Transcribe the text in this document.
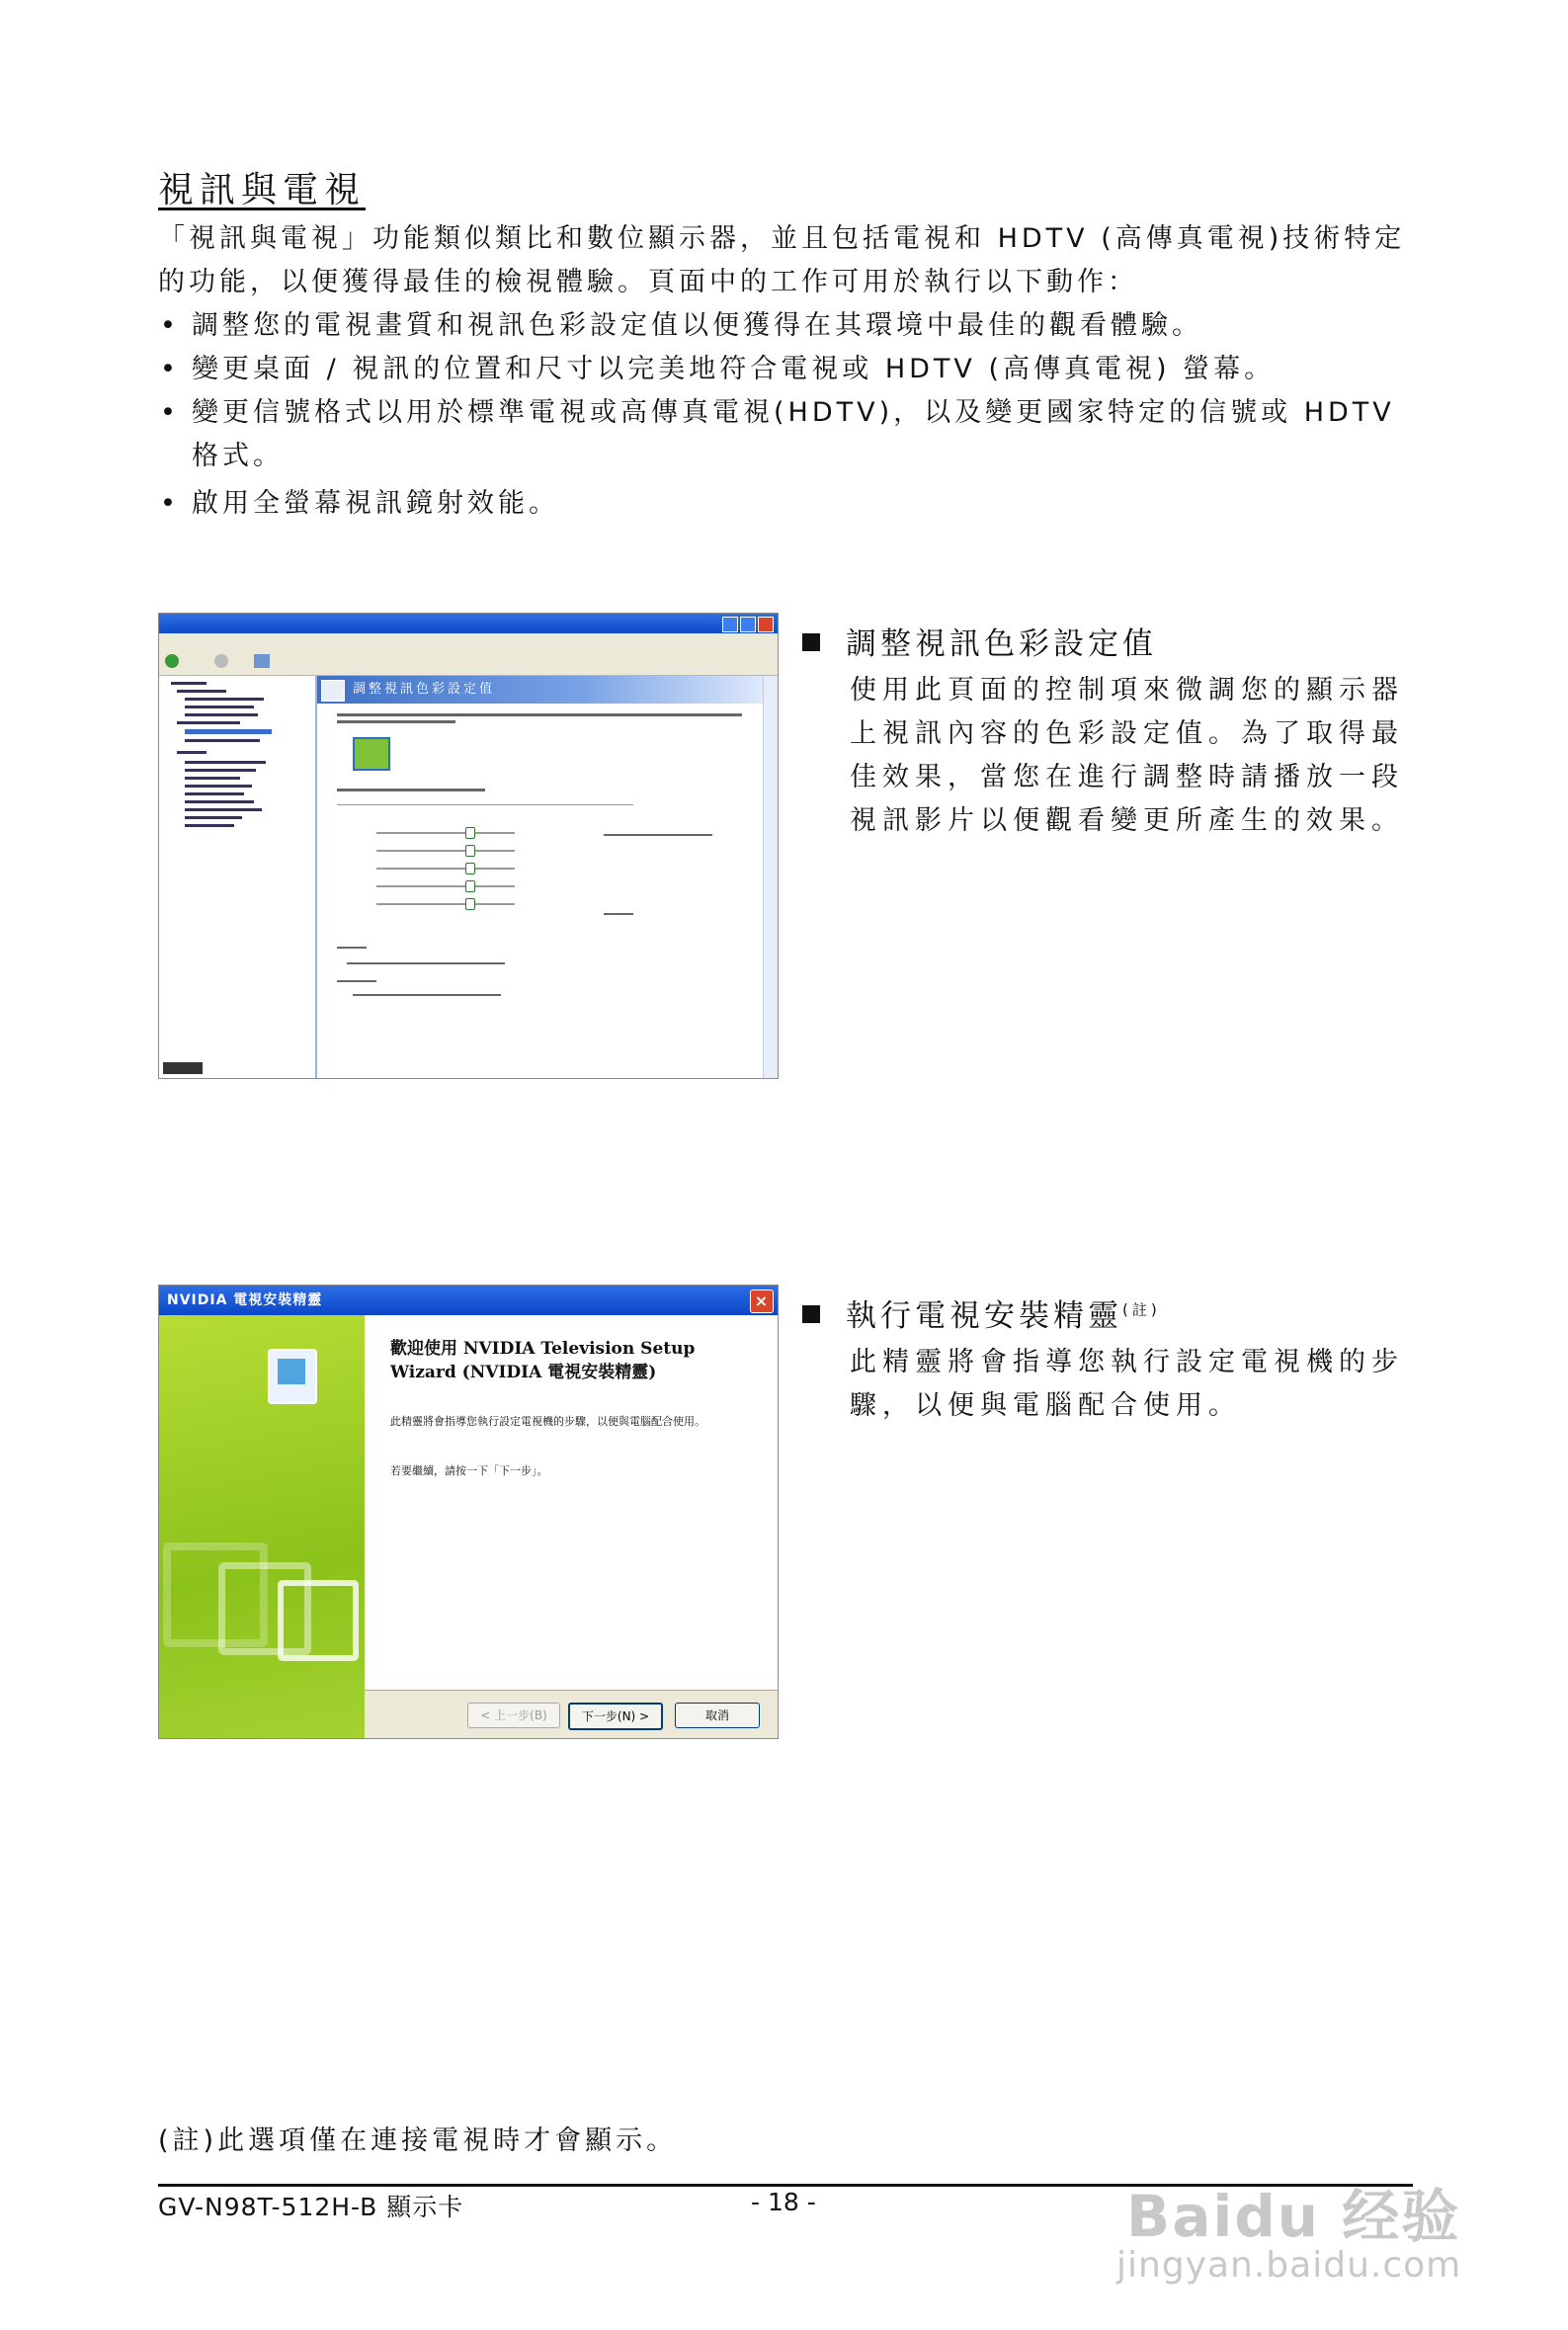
視訊與電視
「視訊與電視」功能類似類比和數位顯示器，並且包括電視和 HDTV (高傳真電視)技術特定的功能，以便獲得最佳的檢視體驗。頁面中的工作可用於執行以下動作：
• 調整您的電視畫質和視訊色彩設定值以便獲得在其環境中最佳的觀看體驗。
• 變更桌面 / 視訊的位置和尺寸以完美地符合電視或 HDTV (高傳真電視) 螢幕。
• 變更信號格式以用於標準電視或高傳真電視(HDTV)，以及變更國家特定的信號或 HDTV 格式。
• 啟用全螢幕視訊鏡射效能。
調整視訊色彩設定值
調整視訊色彩設定值
使用此頁面的控制項來微調您的顯示器上視訊內容的色彩設定值。為了取得最佳效果，當您在進行調整時請播放一段視訊影片以便觀看變更所產生的效果。
NVIDIA 電視安裝精靈	×
歡迎使用 NVIDIA Television Setup Wizard (NVIDIA 電視安裝精靈)
此精靈將會指導您執行設定電視機的步驟，以便與電腦配合使用。
若要繼續，請按一下「下一步」。
< 上一步(B)	下一步(N) >	取消
執行電視安裝精靈$^{(註)}$
此精靈將會指導您執行設定電視機的步驟，以便與電腦配合使用。
(註)此選項僅在連接電視時才會顯示。
GV-N98T-512H-B 顯示卡	- 18 -	Baidu 经验
jingyan.baidu.com
